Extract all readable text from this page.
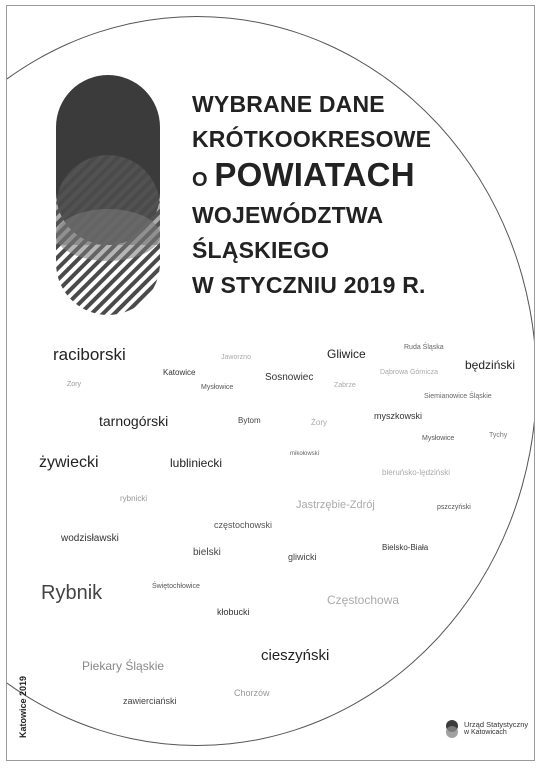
WYBRANE DANE
KRÓTKOOKRESOWE
O POWIATACH
WOJEWÓDZTWA
ŚLĄSKIEGO
W STYCZNIU 2019 R.
raciborski	Jaworzno	Gliwice	Ruda Śląska
będziński
Katowice	Sosnowiec	Dąbrowa Górnicza
Żory	Mysłowice	Zabrze
Siemianowice Śląskie
tarnogórski	Bytom	Żory
myszkowski
Tychy
Mysłowice
mikołowski
żywiecki	lubliniecki
bieruńsko-lędziński
rybnicki
Jastrzębie-Zdrój	pszczyński
częstochowski
wodzisławski
bielski	gliwicki
Bielsko-Biała
Rybnik	Świętochłowice
Częstochowa
kłobucki
cieszyński
Piekary Śląskie
Chorzów
zawierciański
Katowice 2019	Urząd Statystyczny
w Katowicach
